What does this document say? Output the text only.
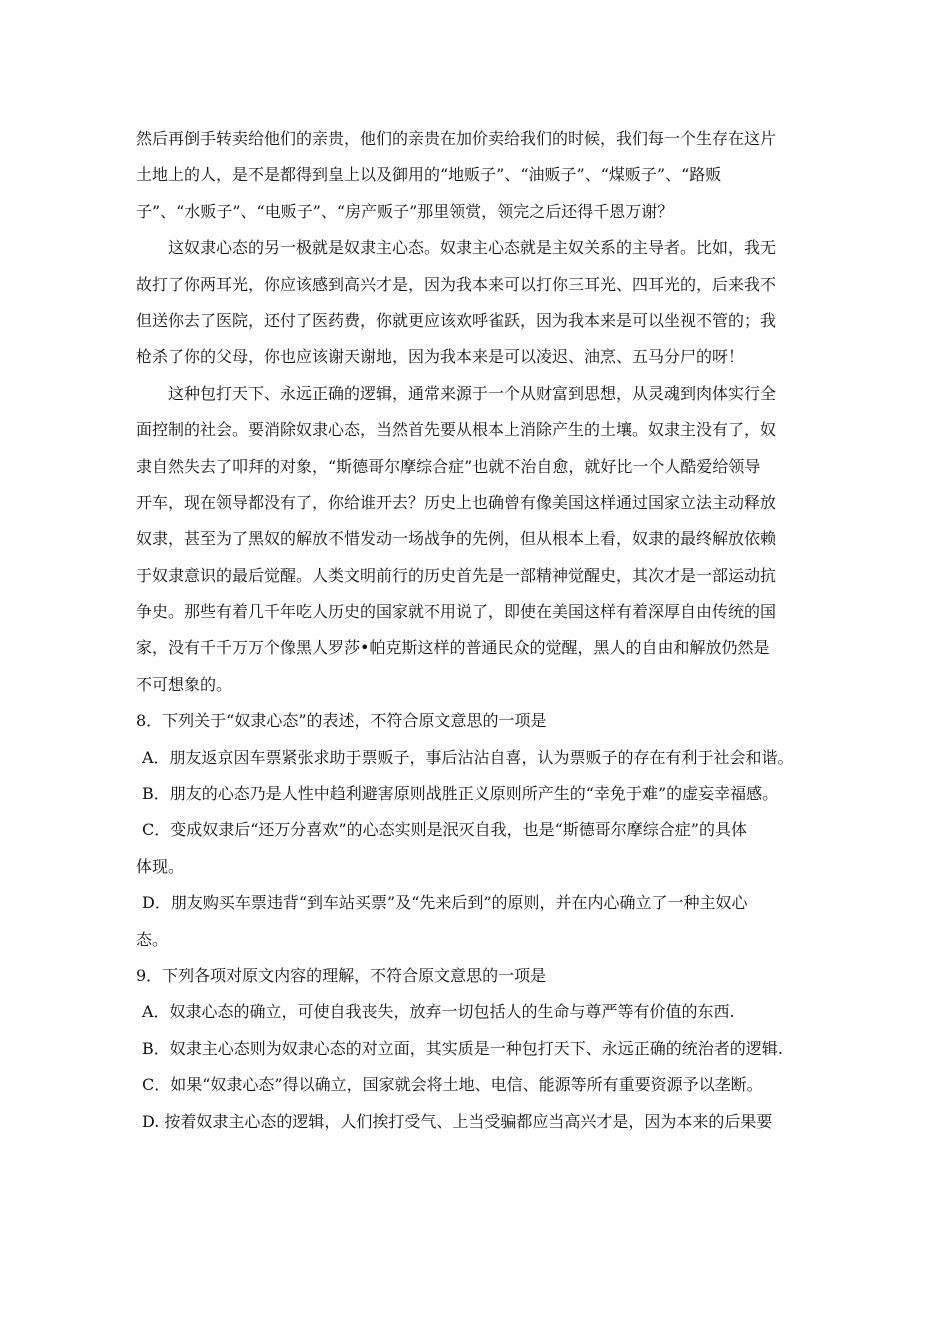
然后再倒手转卖给他们的亲贵，他们的亲贵在加价卖给我们的时候，我们每一个生存在这片
土地上的人，是不是都得到皇上以及御用的“地贩子”、“油贩子”、“煤贩子”、“路贩
子”、“水贩子”、“电贩子”、“房产贩子”那里领赏，领完之后还得千恩万谢？
这奴隶心态的另一极就是奴隶主心态。奴隶主心态就是主奴关系的主导者。比如，我无
故打了你两耳光，你应该感到高兴才是，因为我本来可以打你三耳光、四耳光的，后来我不
但送你去了医院，还付了医药费，你就更应该欢呼雀跃，因为我本来是可以坐视不管的；我
枪杀了你的父母，你也应该谢天谢地，因为我本来是可以凌迟、油烹、五马分尸的呀！
这种包打天下、永远正确的逻辑，通常来源于一个从财富到思想，从灵魂到肉体实行全
面控制的社会。要消除奴隶心态，当然首先要从根本上消除产生的土壤。奴隶主没有了，奴
隶自然失去了叩拜的对象，“斯德哥尔摩综合症”也就不治自愈，就好比一个人酷爱给领导
开车，现在领导都没有了，你给谁开去？历史上也确曾有像美国这样通过国家立法主动释放
奴隶，甚至为了黑奴的解放不惜发动一场战争的先例，但从根本上看，奴隶的最终解放依赖
于奴隶意识的最后觉醒。人类文明前行的历史首先是一部精神觉醒史，其次才是一部运动抗
争史。那些有着几千年吃人历史的国家就不用说了，即使在美国这样有着深厚自由传统的国
家，没有千千万万个像黑人罗莎•帕克斯这样的普通民众的觉醒，黑人的自由和解放仍然是
不可想象的。
8．下列关于“奴隶心态”的表述，不符合原文意思的一项是
A．朋友返京因车票紧张求助于票贩子，事后沾沾自喜，认为票贩子的存在有利于社会和谐。
B．朋友的心态乃是人性中趋利避害原则战胜正义原则所产生的“幸免于难”的虚妄幸福感。
C．变成奴隶后“还万分喜欢”的心态实则是泯灭自我，也是“斯德哥尔摩综合症”的具体
体现。
D．朋友购买车票违背“到车站买票”及“先来后到”的原则，并在内心确立了一种主奴心
态。
9．下列各项对原文内容的理解，不符合原文意思的一项是
A．奴隶心态的确立，可使自我丧失，放弃一切包括人的生命与尊严等有价值的东西.
B．奴隶主心态则为奴隶心态的对立面，其实质是一种包打天下、永远正确的统治者的逻辑.
C．如果“奴隶心态”得以确立，国家就会将土地、电信、能源等所有重要资源予以垄断。
D. 按着奴隶主心态的逻辑，人们挨打受气、上当受骗都应当高兴才是，因为本来的后果要
